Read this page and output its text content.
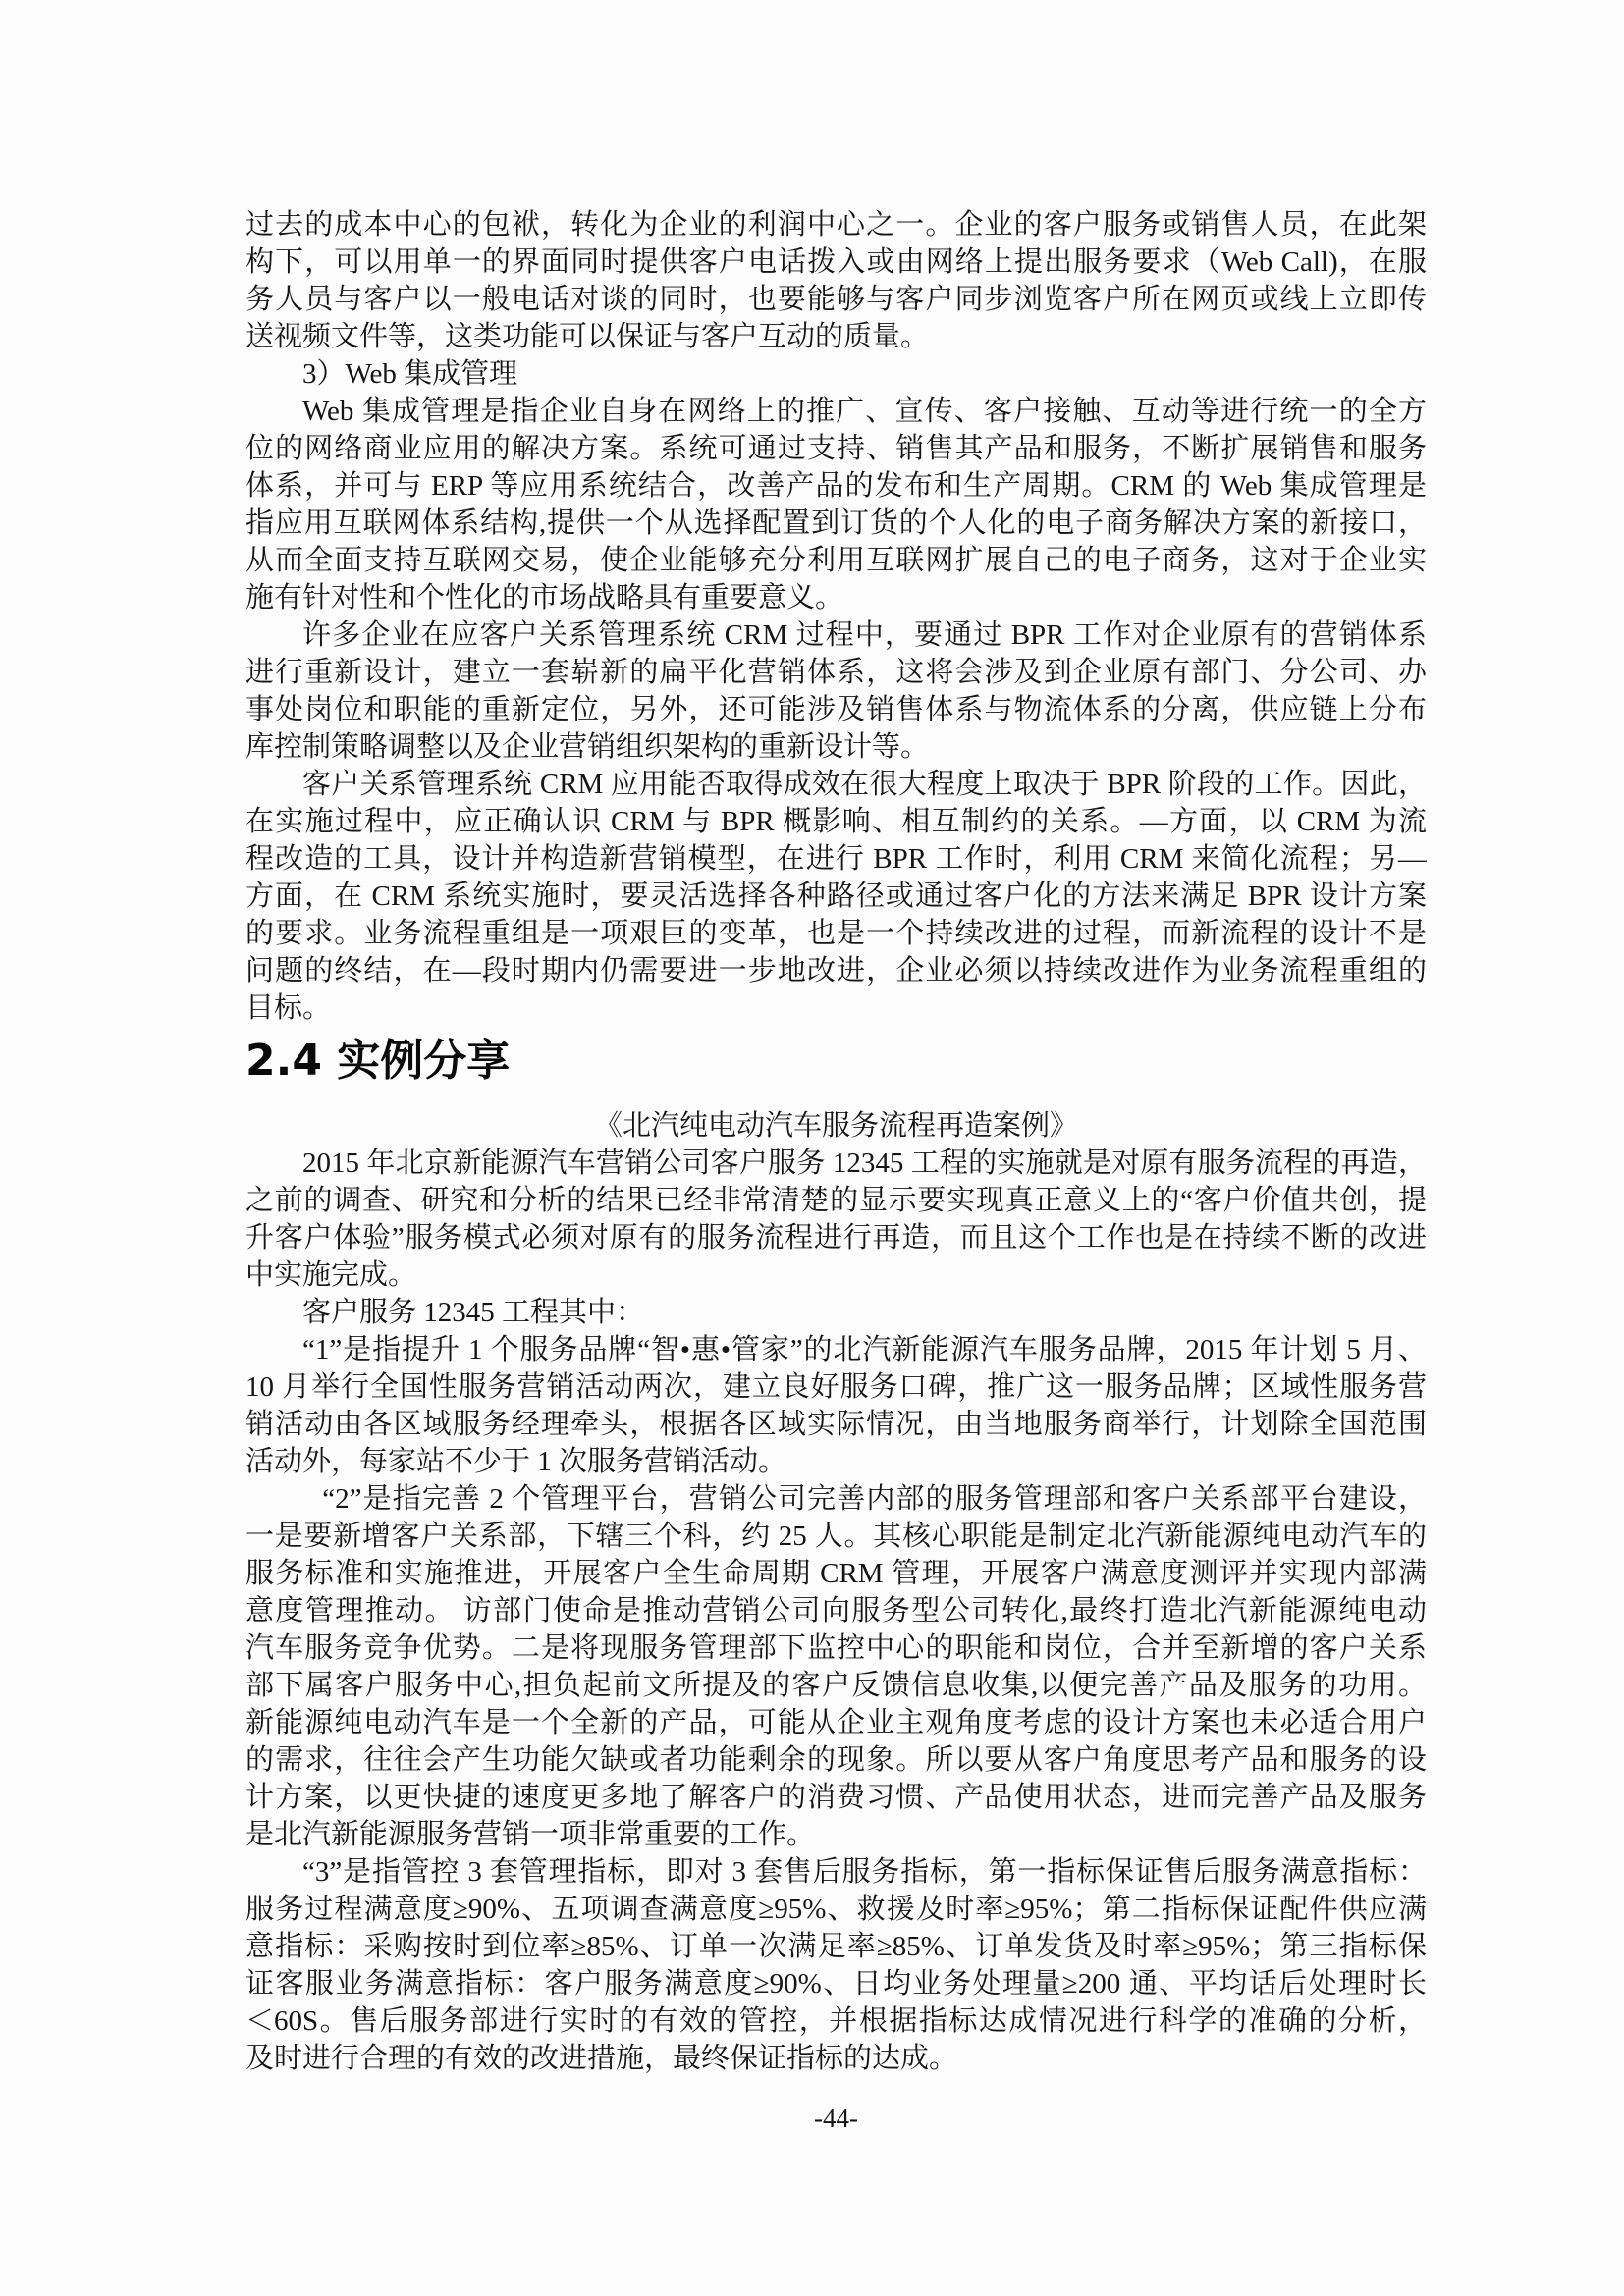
过去的成本中心的包袱，转化为企业的利润中心之一。企业的客户服务或销售人员，在此架
构下，可以用单一的界面同时提供客户电话拨入或由网络上提出服务要求（Web Call)，在服
务人员与客户以一般电话对谈的同时，也要能够与客户同步浏览客户所在网页或线上立即传
送视频文件等，这类功能可以保证与客户互动的质量。
3）Web 集成管理
Web 集成管理是指企业自身在网络上的推广、宣传、客户接触、互动等进行统一的全方
位的网络商业应用的解决方案。系统可通过支持、销售其产品和服务，不断扩展销售和服务
体系，并可与 ERP 等应用系统结合，改善产品的发布和生产周期。CRM 的 Web 集成管理是
指应用互联网体系结构,提供一个从选择配置到订货的个人化的电子商务解决方案的新接口，
从而全面支持互联网交易，使企业能够充分利用互联网扩展自己的电子商务，这对于企业实
施有针对性和个性化的市场战略具有重要意义。
许多企业在应客户关系管理系统 CRM 过程中，要通过 BPR 工作对企业原有的营销体系
进行重新设计，建立一套崭新的扁平化营销体系，这将会涉及到企业原有部门、分公司、办
事处岗位和职能的重新定位，另外，还可能涉及销售体系与物流体系的分离，供应链上分布
库控制策略调整以及企业营销组织架构的重新设计等。
客户关系管理系统 CRM 应用能否取得成效在很大程度上取决于 BPR 阶段的工作。因此，
在实施过程中，应正确认识 CRM 与 BPR 概影响、相互制约的关系。—方面，以 CRM 为流
程改造的工具，设计并构造新营销模型，在进行 BPR 工作时，利用 CRM 来简化流程；另—
方面，在 CRM 系统实施时，要灵活选择各种路径或通过客户化的方法来满足 BPR 设计方案
的要求。业务流程重组是一项艰巨的变革，也是一个持续改进的过程，而新流程的设计不是
问题的终结，在—段时期内仍需要进一步地改进，企业必须以持续改进作为业务流程重组的
目标。
2.4 实例分享
《北汽纯电动汽车服务流程再造案例》
2015 年北京新能源汽车营销公司客户服务 12345 工程的实施就是对原有服务流程的再造，
之前的调查、研究和分析的结果已经非常清楚的显示要实现真正意义上的“客户价值共创，提
升客户体验”服务模式必须对原有的服务流程进行再造，而且这个工作也是在持续不断的改进
中实施完成。
客户服务 12345 工程其中：
“1”是指提升 1 个服务品牌“智•惠•管家”的北汽新能源汽车服务品牌，2015 年计划 5 月、
10 月举行全国性服务营销活动两次，建立良好服务口碑，推广这一服务品牌；区域性服务营
销活动由各区域服务经理牵头，根据各区域实际情况，由当地服务商举行，计划除全国范围
活动外，每家站不少于 1 次服务营销活动。
“2”是指完善 2 个管理平台，营销公司完善内部的服务管理部和客户关系部平台建设，
一是要新增客户关系部，下辖三个科，约 25 人。其核心职能是制定北汽新能源纯电动汽车的
服务标准和实施推进，开展客户全生命周期 CRM 管理，开展客户满意度测评并实现内部满
意度管理推动。 访部门使命是推动营销公司向服务型公司转化,最终打造北汽新能源纯电动
汽车服务竞争优势。二是将现服务管理部下监控中心的职能和岗位，合并至新增的客户关系
部下属客户服务中心,担负起前文所提及的客户反馈信息收集,以便完善产品及服务的功用。
新能源纯电动汽车是一个全新的产品，可能从企业主观角度考虑的设计方案也未必适合用户
的需求，往往会产生功能欠缺或者功能剩余的现象。所以要从客户角度思考产品和服务的设
计方案，以更快捷的速度更多地了解客户的消费习惯、产品使用状态，进而完善产品及服务
是北汽新能源服务营销一项非常重要的工作。
“3”是指管控 3 套管理指标，即对 3 套售后服务指标，第一指标保证售后服务满意指标：
服务过程满意度≥90%、五项调查满意度≥95%、救援及时率≥95%；第二指标保证配件供应满
意指标：采购按时到位率≥85%、订单一次满足率≥85%、订单发货及时率≥95%；第三指标保
证客服业务满意指标：客户服务满意度≥90%、日均业务处理量≥200 通、平均话后处理时长
＜60S。售后服务部进行实时的有效的管控，并根据指标达成情况进行科学的准确的分析，
及时进行合理的有效的改进措施，最终保证指标的达成。
-44-
